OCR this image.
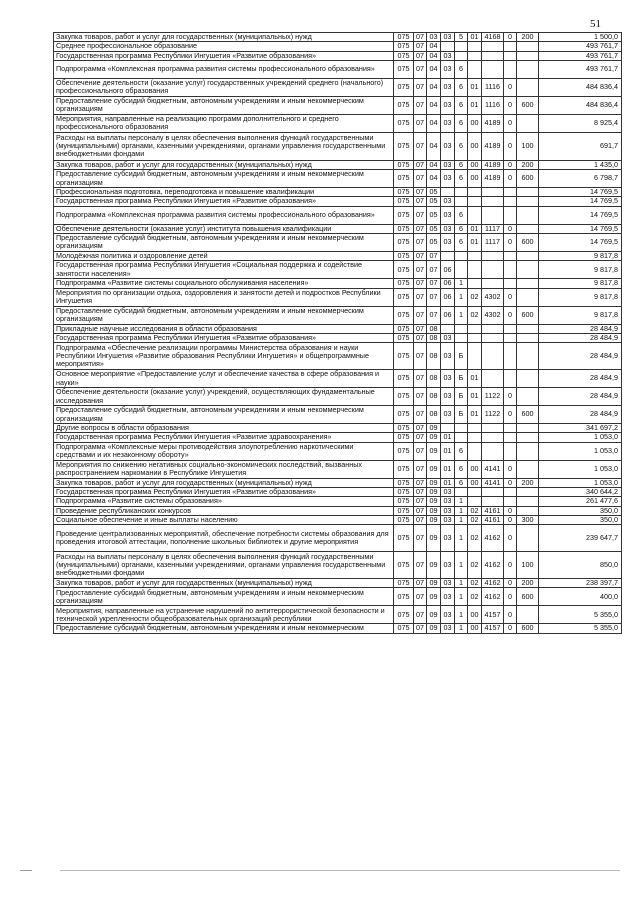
51
Закупка товаров, работ и услуг для государственных (муниципальных) нужд	075	07	03	03	5	01	4168	0	200	1 500,0
Среднее профессиональное образование	075	07	04							493 761,7
Государственная программа Республики Ингушетия «Развитие образования»	075	07	04	03						493 761,7
Подпрограмма «Комплексная программа развития системы профессионального образования»	075	07	04	03	6					493 761,7
Обеспечение деятельности (оказание услуг) государственных учреждений среднего (начального) профессионального образования	075	07	04	03	6	01	1116	0		484 836,4
Предоставление субсидий бюджетным, автономным учреждениям и иным некоммерческим организациям	075	07	04	03	6	01	1116	0	600	484 836,4
Мероприятия, направленные на реализацию программ дополнительного и среднего профессионального образования	075	07	04	03	6	00	4189	0		8 925,4
Расходы на выплаты персоналу в целях обеспечения выполнения функций государственными (муниципальными) органами, казенными учреждениями, органами управления государственными внебюджетными фондами	075	07	04	03	6	00	4189	0	100	691,7
Закупка товаров, работ и услуг для государственных (муниципальных) нужд	075	07	04	03	6	00	4189	0	200	1 435,0
Предоставление субсидий бюджетным, автономным учреждениям и иным некоммерческим организациям	075	07	04	03	6	00	4189	0	600	6 798,7
Профессиональная подготовка, переподготовка и повышение квалификации	075	07	05							14 769,5
Государственная программа Республики Ингушетия «Развитие образования»	075	07	05	03						14 769,5
Подпрограмма «Комплексная программа развития системы профессионального образования»	075	07	05	03	6					14 769,5
Обеспечение деятельности (оказание услуг) института повышения квалификации	075	07	05	03	6	01	1117	0		14 769,5
Предоставление субсидий бюджетным, автономным учреждениям и иным некоммерческим организациям	075	07	05	03	6	01	1117	0	600	14 769,5
Молодёжная политика и оздоровление детей	075	07	07							9 817,8
Государственная программа Республики Ингушетия «Социальная поддержка и содействие занятости населения»	075	07	07	06						9 817,8
Подпрограмма «Развитие системы социального обслуживания населения»	075	07	07	06	1					9 817,8
Мероприятия по организации отдыха, оздоровления и занятости детей и подростков Республики Ингушетия	075	07	07	06	1	02	4302	0		9 817,8
Предоставление субсидий бюджетным, автономным учреждениям и иным некоммерческим организациям	075	07	07	06	1	02	4302	0	600	9 817,8
Прикладные научные исследования в области образования	075	07	08							28 484,9
Государственная программа Республики Ингушетия «Развитие образования»	075	07	08	03						28 484,9
Подпрограмма «Обеспечение реализации программы Министерства образования и науки Республики Ингушетия «Развитие образования Республики Ингушетия» и общепрограммные мероприятия»	075	07	08	03	Б					28 484,9
Основное мероприятие «Предоставление услуг и обеспечение качества в сфере образования и науки»	075	07	08	03	Б	01				28 484,9
Обеспечение деятельности (оказание услуг) учреждений, осуществляющих фундаментальные исследования	075	07	08	03	Б	01	1122	0		28 484,9
Предоставление субсидий бюджетным, автономным учреждениям и иным некоммерческим организациям	075	07	08	03	Б	01	1122	0	600	28 484,9
Другие вопросы в области образования	075	07	09							341 697,2
Государственная программа Республики Ингушетия «Развитие здравоохранения»	075	07	09	01						1 053,0
Подпрограмма «Комплексные меры противодействия злоупотреблению наркотическими средствами и их незаконному обороту»	075	07	09	01	6					1 053,0
Мероприятия по снижению негативных социально-экономических последствий, вызванных распространением наркомании в Республике Ингушетия	075	07	09	01	6	00	4141	0		1 053,0
Закупка товаров, работ и услуг для государственных (муниципальных) нужд	075	07	09	01	6	00	4141	0	200	1 053,0
Государственная программа Республики Ингушетия «Развитие образования»	075	07	09	03						340 644,2
Подпрограмма «Развитие системы образования»	075	07	09	03	1					261 477,6
Проведение республиканских конкурсов	075	07	09	03	1	02	4161	0		350,0
Социальное обеспечение и иные выплаты населению	075	07	09	03	1	02	4161	0	300	350,0
Проведение централизованных мероприятий, обеспечение потребности системы образования для проведения итоговой аттестации, пополнение школьных библиотек и другие мероприятия	075	07	09	03	1	02	4162	0		239 647,7
Расходы на выплаты персоналу в целях обеспечения выполнения функций государственными (муниципальными) органами, казенными учреждениями, органами управления государственными внебюджетными фондами	075	07	09	03	1	02	4162	0	100	850,0
Закупка товаров, работ и услуг для государственных (муниципальных) нужд	075	07	09	03	1	02	4162	0	200	238 397,7
Предоставление субсидий бюджетным, автономным учреждениям и иным некоммерческим организациям	075	07	09	03	1	02	4162	0	600	400,0
Мероприятия, направленные на устранение нарушений по антитеррористической безопасности и технической укрепленности общеобразовательных организаций республики	075	07	09	03	1	00	4157	0		5 355,0
Предоставление субсидий бюджетным, автономным учреждениям и иным некоммерческим	075	07	09	03	1	00	4157	0	600	5 355,0
